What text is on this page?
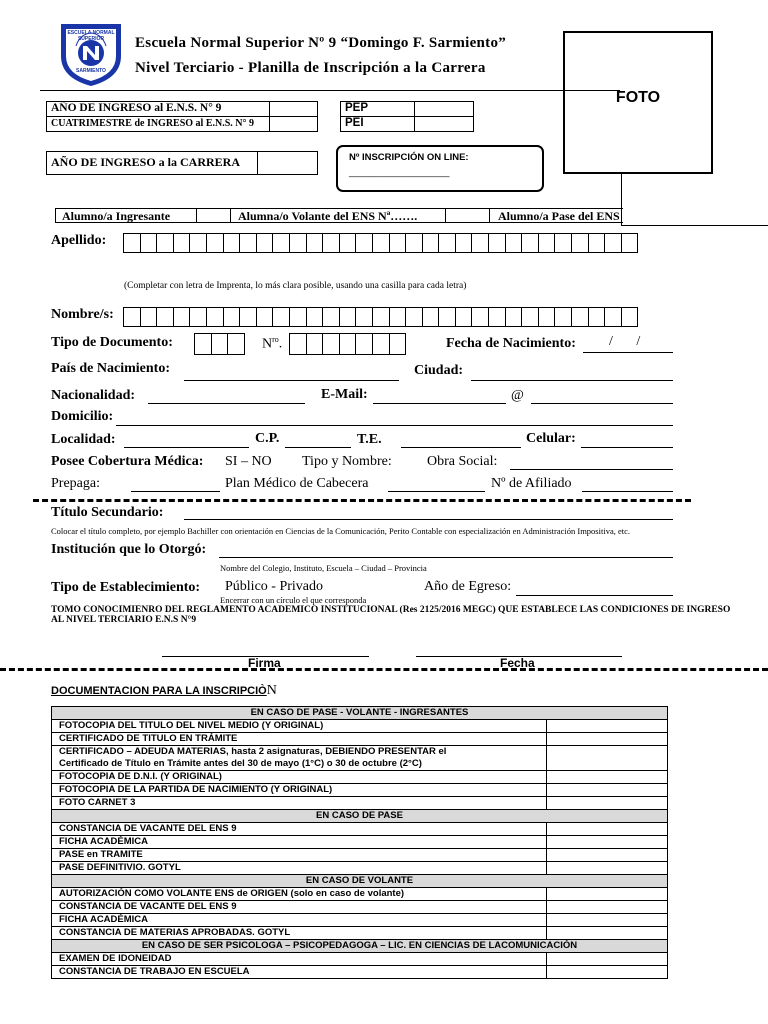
ESCUELA NORMAL SUPERIOR
SARMIENTO
Escuela Normal Superior Nº 9 “Domingo F. Sarmiento”
Nivel Terciario - Planilla de Inscripción a la Carrera
FOTO
AÑO DE INGRESO al E.N.S. N° 9
CUATRIMESTRE de INGRESO al E.N.S. N° 9
PEP
PEI
AÑO DE INGRESO a la CARRERA	Nº INSCRIPCIÓN ON LINE:
___________________
Alumno/a Ingresante	Alumna/o Volante del ENS Nª…….	Alumno/a Pase del ENS
Apellido:
(Completar con letra de Imprenta, lo más clara posible, usando una casilla para cada letra)
Nombre/s:
Tipo de Documento:	$N^{ro}$.	Fecha de Nacimiento: / /
País de Nacimiento:	Ciudad:
Nacionalidad:	E-Mail:	@
Domicilio:
Localidad:	C.P.	T.E.	Celular:
Posee Cobertura Médica: SI – NO Tipo y Nombre:	Obra Social:
Prepaga:	Plan Médico de Cabecera	Nº de Afiliado
Título Secundario:
Colocar el título completo, por ejemplo Bachiller con orientación en Ciencias de la Comunicación, Perito Contable con especialización en Administración Impositiva, etc.
Institución que lo Otorgó:
Nombre del Colegio, Instituto, Escuela – Ciudad – Provincia
Tipo de Establecimiento: Público - Privado
Encerrar con un círculo el que corresponda
Año de Egreso:
TOMO CONOCIMIENRO DEL REGLAMENTO ACADEMICO INSTITUCIONAL (Res 2125/2016 MEGC) QUE ESTABLECE LAS CONDICIONES DE INGRESO AL NIVEL TERCIARIO E.N.S N°9
Firma	Fecha
DOCUMENTACION PARA LA INSCRIPCIÒN
EN CASO DE PASE - VOLANTE - INGRESANTES	
FOTOCOPIA DEL TITULO DEL NIVEL MEDIO (Y ORIGINAL)	
CERTIFICADO DE TITULO EN TRÁMITE	
CERTIFICADO – ADEUDA MATERIAS, hasta 2 asignaturas, DEBIENDO PRESENTAR el
Certificado de Título en Trámite antes del 30 de mayo (1°C) o 30 de octubre (2°C)	
FOTOCOPIA DE D.N.I. (Y ORIGINAL)	
FOTOCOPIA DE LA PARTIDA DE NACIMIENTO (Y ORIGINAL)	
FOTO CARNET 3	
EN CASO DE PASE	
CONSTANCIA DE VACANTE DEL ENS 9	
FICHA ACADÉMICA	
PASE en TRAMITE	
PASE DEFINITIVIO. GOTYL	
EN CASO DE VOLANTE	
AUTORIZACIÓN COMO VOLANTE ENS de ORIGEN (solo en caso de volante)	
CONSTANCIA DE VACANTE DEL ENS 9	
FICHA ACADÉMICA	
CONSTANCIA DE MATERIAS APROBADAS. GOTYL	
EN CASO DE SER PSICOLOGA – PSICOPEDAGOGA – LIC. EN CIENCIAS DE LACOMUNICACIÒN	
EXAMEN DE IDONEIDAD	
CONSTANCIA DE TRABAJO EN ESCUELA	
